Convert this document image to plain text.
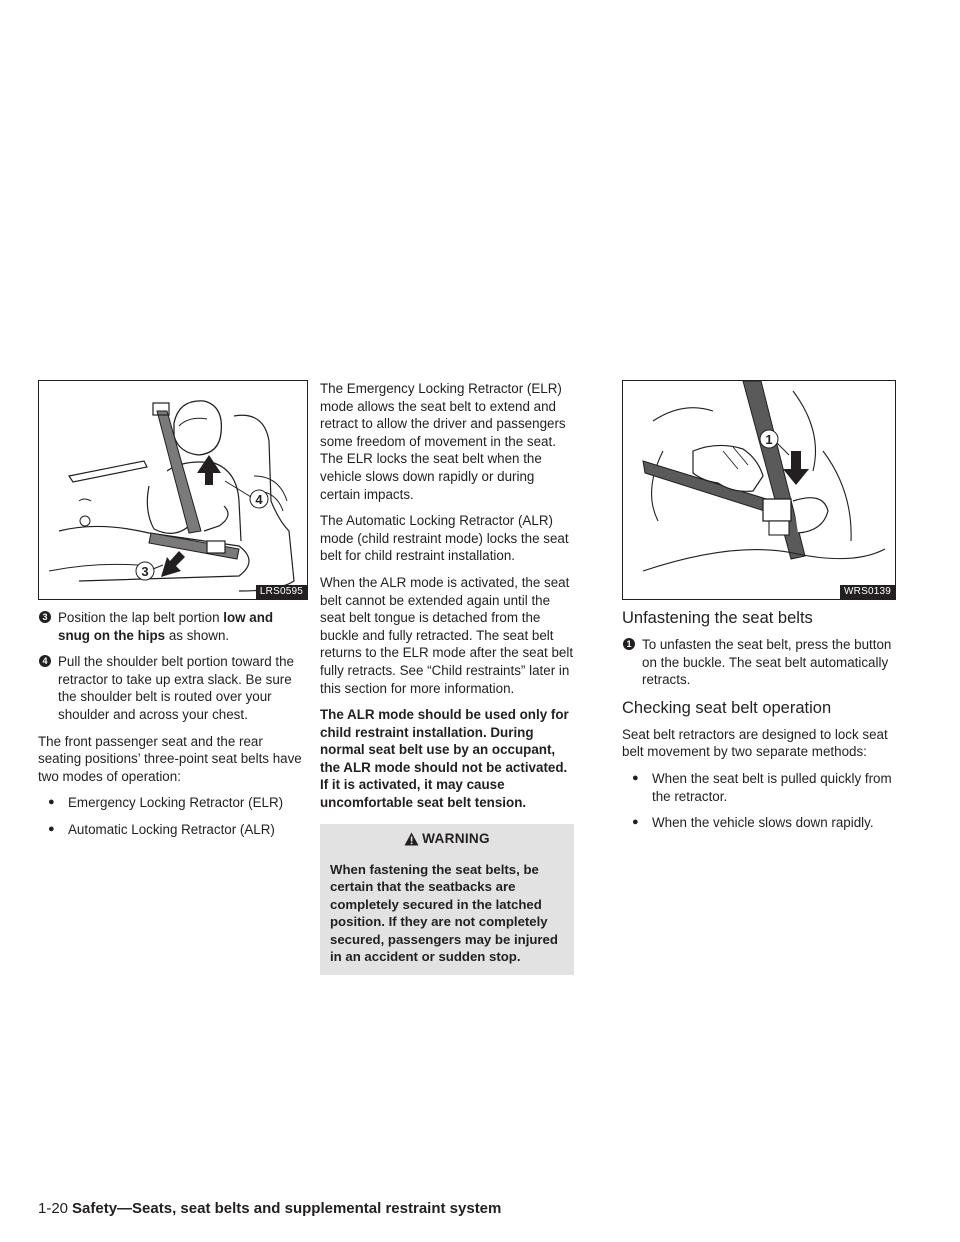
4
3
LRS0595
3 Position the lap belt portion low and snug on the hips as shown.
4 Pull the shoulder belt portion toward the retractor to take up extra slack. Be sure the shoulder belt is routed over your shoulder and across your chest.

The front passenger seat and the rear seating positions’ three-point seat belts have two modes of operation:

● Emergency Locking Retractor (ELR)
● Automatic Locking Retractor (ALR)

The Emergency Locking Retractor (ELR) mode allows the seat belt to extend and retract to allow the driver and passengers some freedom of movement in the seat. The ELR locks the seat belt when the vehicle slows down rapidly or during certain impacts.

The Automatic Locking Retractor (ALR) mode (child restraint mode) locks the seat belt for child restraint installation.

When the ALR mode is activated, the seat belt cannot be extended again until the seat belt tongue is detached from the buckle and fully retracted. The seat belt returns to the ELR mode after the seat belt fully retracts. See “Child restraints” later in this section for more information.

The ALR mode should be used only for child restraint installation. During normal seat belt use by an occupant, the ALR mode should not be activated. If it is activated, it may cause uncomfortable seat belt tension.

WARNING
When fastening the seat belts, be certain that the seatbacks are completely secured in the latched position. If they are not completely secured, passengers may be injured in an accident or sudden stop.
1
WRS0139
Unfastening the seat belts
1 To unfasten the seat belt, press the button on the buckle. The seat belt automatically retracts.
Checking seat belt operation

Seat belt retractors are designed to lock seat belt movement by two separate methods:

● When the seat belt is pulled quickly from the retractor.
● When the vehicle slows down rapidly.
1-20 Safety—Seats, seat belts and supplemental restraint system
